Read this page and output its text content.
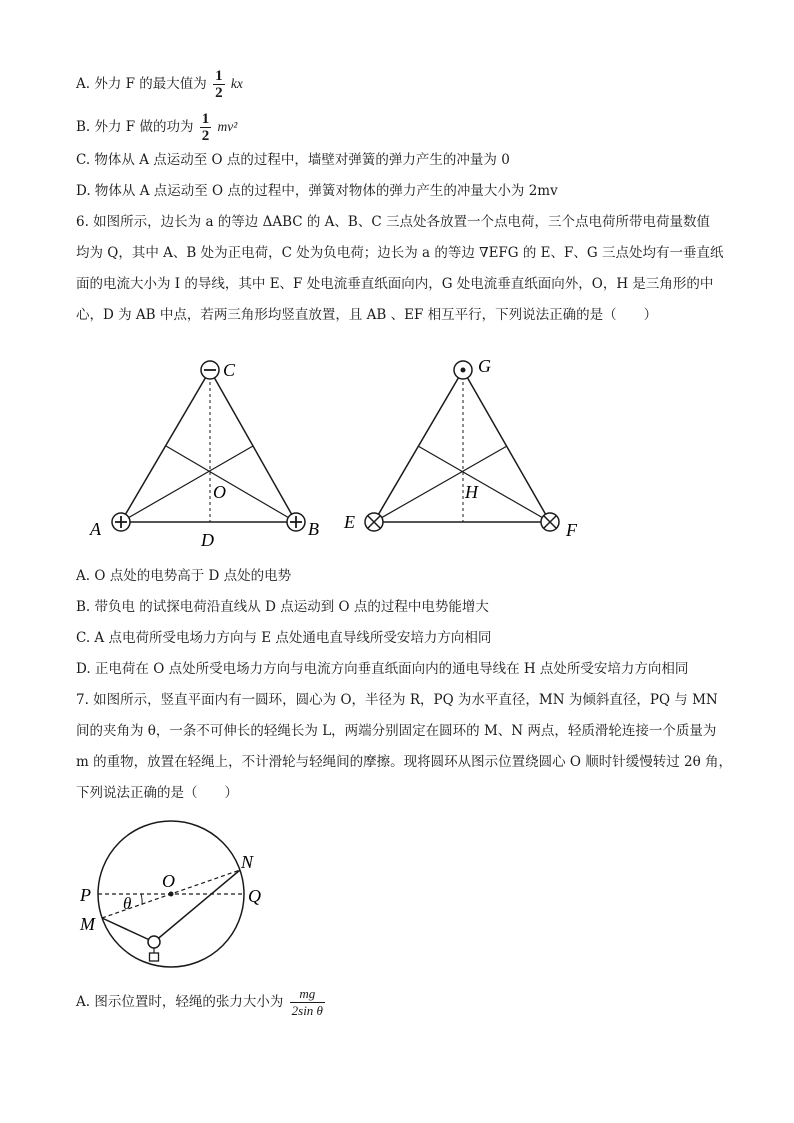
A. 外力 F 的最大值为 $\frac{1}{2}$ kx
B. 外力 F 做的功为 $\frac{1}{2} mv^2$
C. 物体从 A 点运动至 O 点的过程中，墙壁对弹簧的弹力产生的冲量为 0
D. 物体从 A 点运动至 O 点的过程中，弹簧对物体的弹力产生的冲量大小为 2mv
6. 如图所示，边长为 a 的等边 ΔABC 的 A、B、C 三点处各放置一个点电荷，三个点电荷所带电荷量数值
均为 Q，其中 A、B 处为正电荷，C 处为负电荷；边长为 a 的等边 ∇EFG 的 E、F、G 三点处均有一垂直纸
面的电流大小为 I 的导线，其中 E、F 处电流垂直纸面向内，G 处电流垂直纸面向外，O，H 是三角形的中
心，D 为 AB 中点，若两三角形均竖直放置，且 AB 、EF 相互平行，下列说法正确的是（　　）
C
A	B
O
D
G
E	F
H
A. O 点处的电势高于 D 点处的电势
B. 带负电 的试探电荷沿直线从 D 点运动到 O 点的过程中电势能增大
C. A 点电荷所受电场力方向与 E 点处通电直导线所受安培力方向相同
D. 正电荷在 O 点处所受电场力方向与电流方向垂直纸面向内的通电导线在 H 点处所受安培力方向相同
7. 如图所示，竖直平面内有一圆环，圆心为 O，半径为 R，PQ 为水平直径，MN 为倾斜直径，PQ 与 MN
间的夹角为 θ，一条不可伸长的轻绳长为 L，两端分别固定在圆环的 M、N 两点，轻质滑轮连接一个质量为
m 的重物，放置在轻绳上，不计滑轮与轻绳间的摩擦。现将圆环从图示位置绕圆心 O 顺时针缓慢转过 2θ 角，
下列说法正确的是（　　）
P	Q
O
N
M
θ
A. 图示位置时，轻绳的张力大小为 $\frac{mg}{\text{2sin θ}}$
